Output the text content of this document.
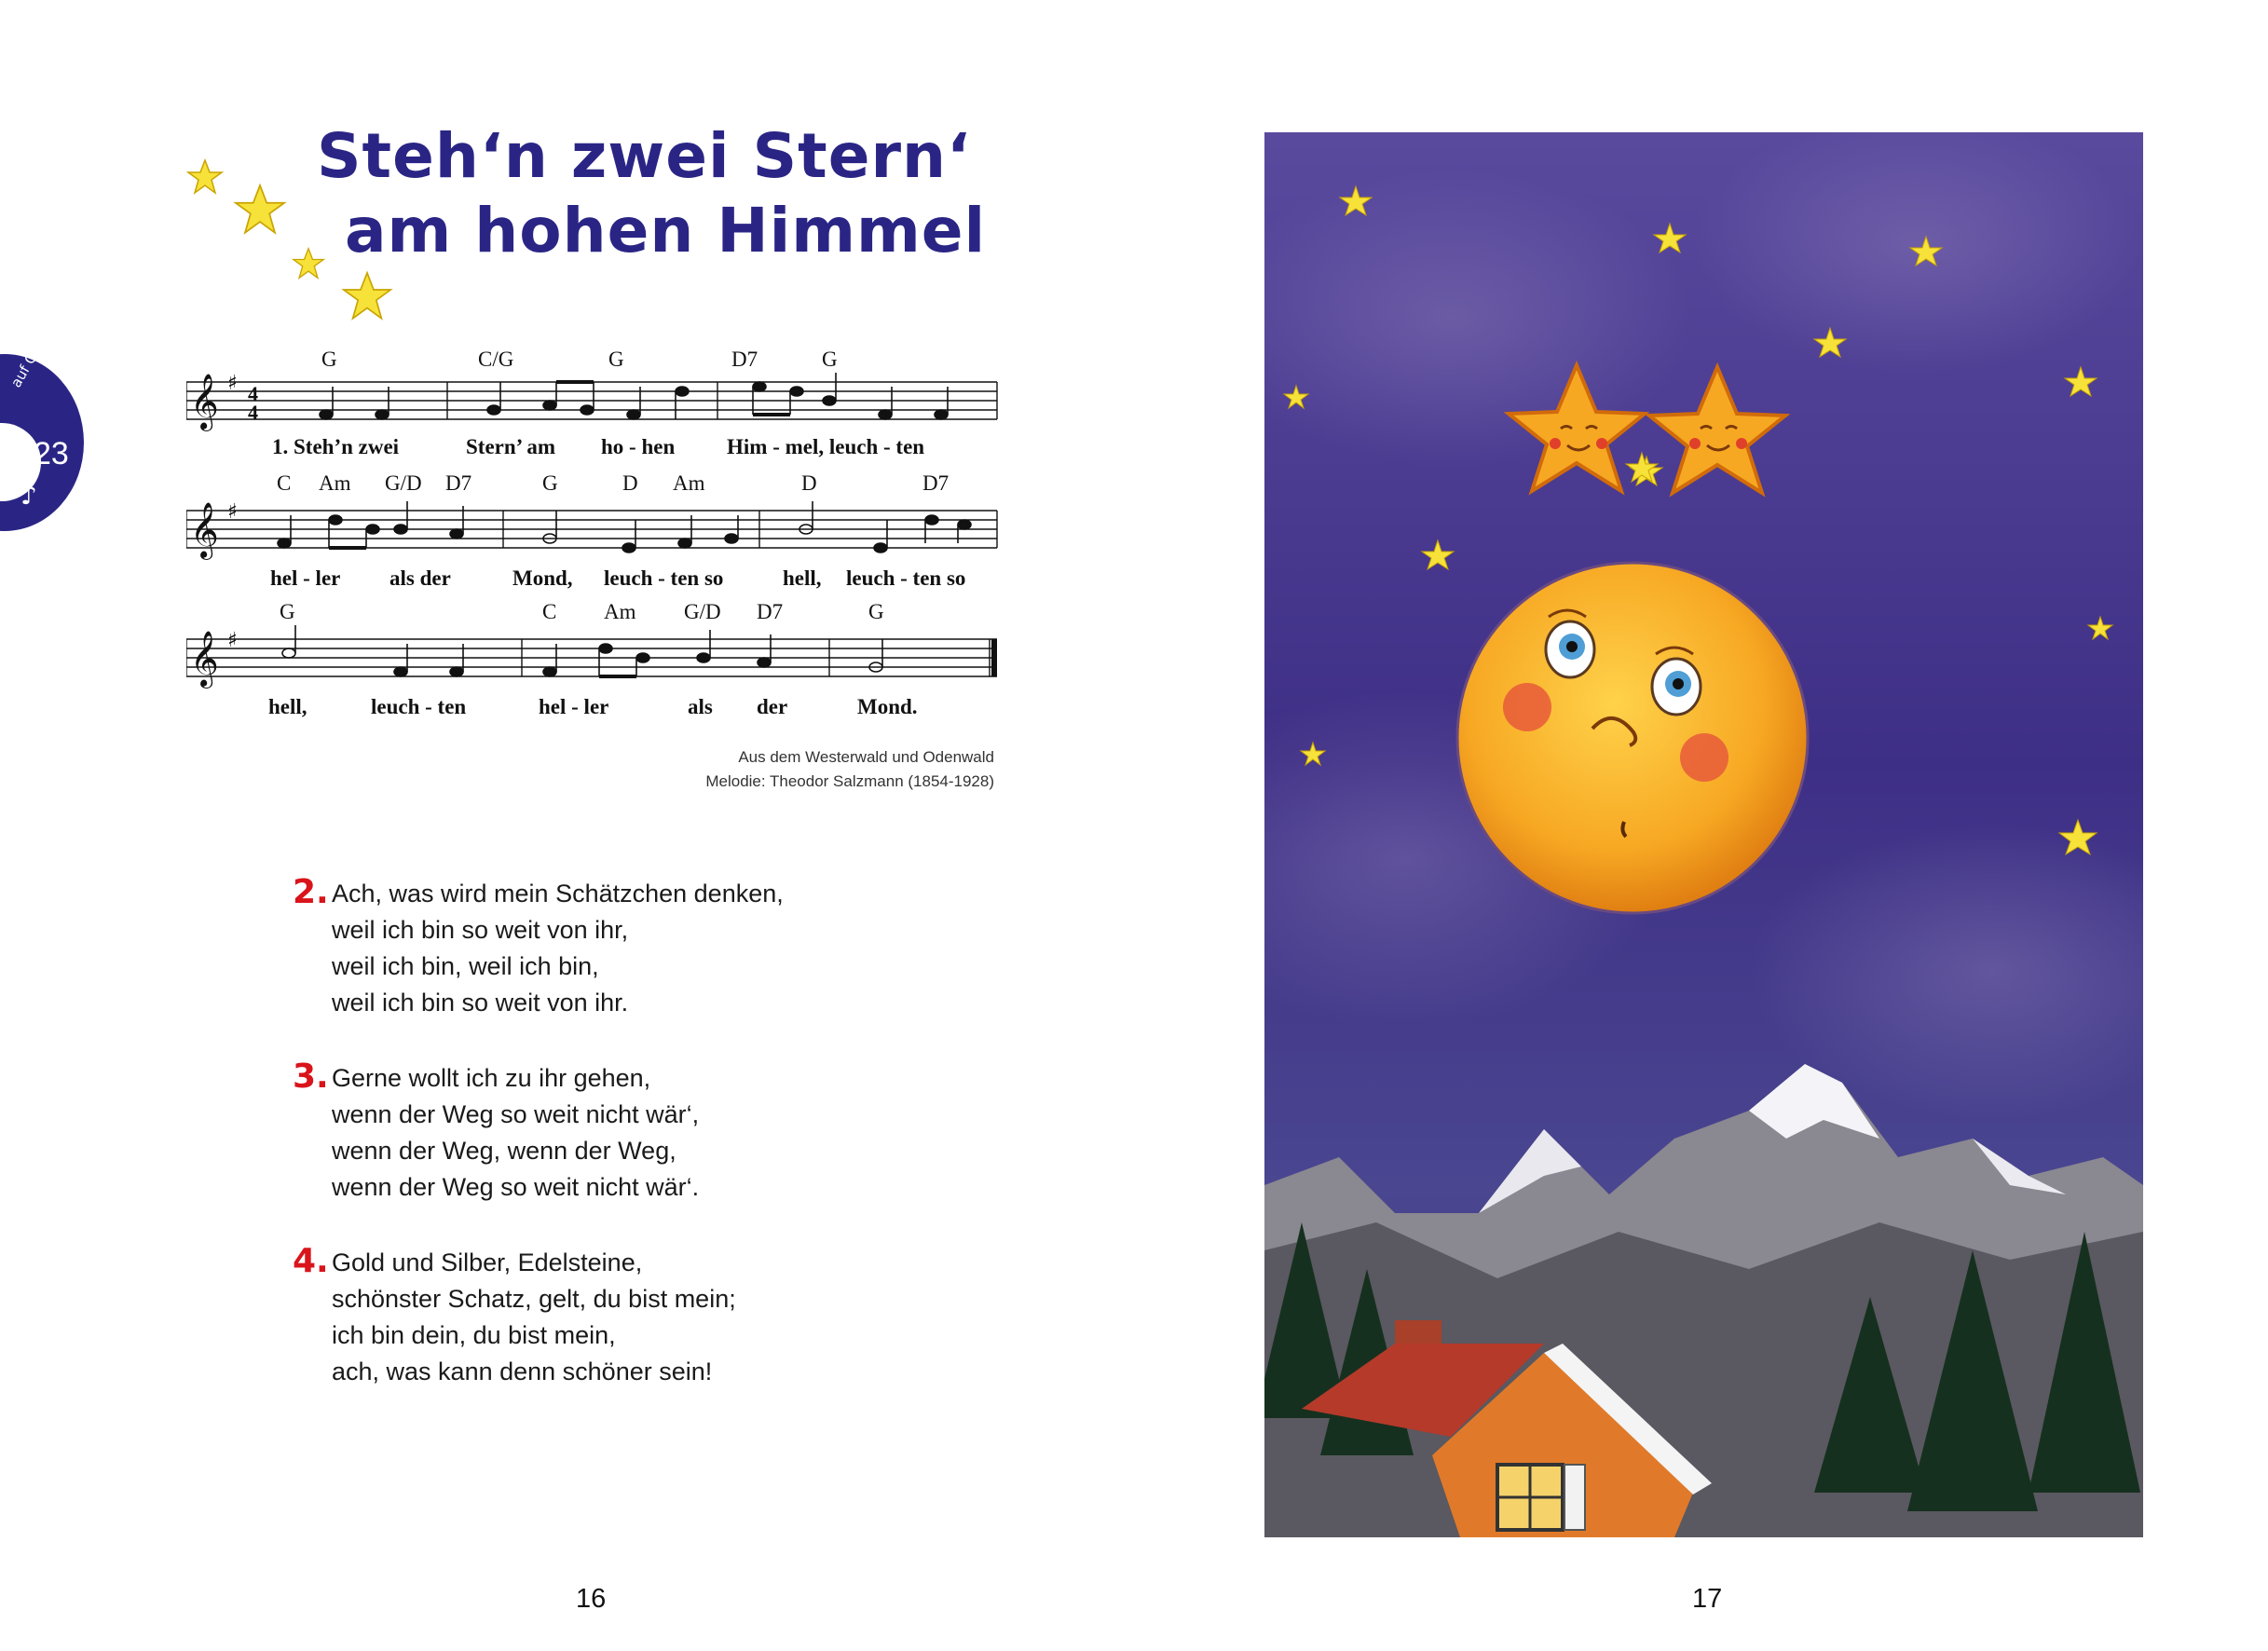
auf CD
23
♪
Steh‘n zwei Stern‘
am hohen Himmel
𝄞
𝄞
𝄞
♯
♯
♯
4
4
G	C/G	G	D7	G
1. Steh’n zwei	Stern’ am ho - hen Him - mel, leuch - ten
C Am G/D D7	G	D Am	D	D7
hel - ler als der	Mond, leuch - ten so	hell, leuch - ten so
G	C Am G/D D7	G
hell,	leuch - ten	hel - ler	als der	Mond.
Aus dem Westerwald und Odenwald
Melodie: Theodor Salzmann (1854-1928)
2. Ach, was wird mein Schätzchen denken,
weil ich bin so weit von ihr,
weil ich bin, weil ich bin,
weil ich bin so weit von ihr.
3. Gerne wollt ich zu ihr gehen,
wenn der Weg so weit nicht wär‘,
wenn der Weg, wenn der Weg,
wenn der Weg so weit nicht wär‘.
4. Gold und Silber, Edelsteine,
schönster Schatz, gelt, du bist mein;
ich bin dein, du bist mein,
ach, was kann denn schöner sein!
16	17
